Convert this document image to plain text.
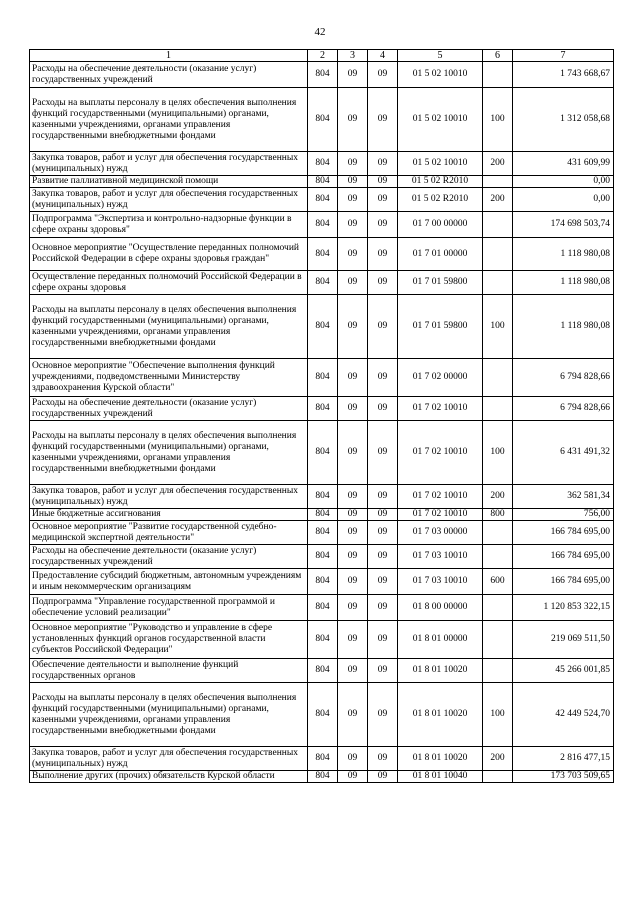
42
1	2	3	4	5	6	7
Расходы на обеспечение деятельности (оказание услуг) государственных учреждений	804	09	09	01 5 02 10010		1 743 668,67
Расходы на выплаты персоналу в целях обеспечения выполнения функций государственными (муниципальными) органами, казенными учреждениями, органами управления государственными внебюджетными фондами	804	09	09	01 5 02 10010	100	1 312 058,68
Закупка товаров, работ и услуг для обеспечения государственных (муниципальных) нужд	804	09	09	01 5 02 10010	200	431 609,99
Развитие паллиативной медицинской помощи	804	09	09	01 5 02 R2010		0,00
Закупка товаров, работ и услуг для обеспечения государственных (муниципальных) нужд	804	09	09	01 5 02 R2010	200	0,00
Подпрограмма "Экспертиза и контрольно-надзорные функции в сфере охраны здоровья"	804	09	09	01 7 00 00000		174 698 503,74
Основное мероприятие "Осуществление переданных полномочий Российской Федерации в сфере охраны здоровья граждан"	804	09	09	01 7 01 00000		1 118 980,08
Осуществление переданных полномочий Российской Федерации в сфере охраны здоровья	804	09	09	01 7 01 59800		1 118 980,08
Расходы на выплаты персоналу в целях обеспечения выполнения функций государственными (муниципальными) органами, казенными учреждениями, органами управления государственными внебюджетными фондами	804	09	09	01 7 01 59800	100	1 118 980,08
Основное мероприятие "Обеспечение выполнения функций учреждениями, подведомственными Министерству здравоохранения Курской области"	804	09	09	01 7 02 00000		6 794 828,66
Расходы на обеспечение деятельности (оказание услуг) государственных учреждений	804	09	09	01 7 02 10010		6 794 828,66
Расходы на выплаты персоналу в целях обеспечения выполнения функций государственными (муниципальными) органами, казенными учреждениями, органами управления государственными внебюджетными фондами	804	09	09	01 7 02 10010	100	6 431 491,32
Закупка товаров, работ и услуг для обеспечения государственных (муниципальных) нужд	804	09	09	01 7 02 10010	200	362 581,34
Иные бюджетные ассигнования	804	09	09	01 7 02 10010	800	756,00
Основное мероприятие "Развитие государственной судебно-медицинской экспертной деятельности"	804	09	09	01 7 03 00000		166 784 695,00
Расходы на обеспечение деятельности (оказание услуг) государственных учреждений	804	09	09	01 7 03 10010		166 784 695,00
Предоставление субсидий бюджетным, автономным учреждениям и иным некоммерческим организациям	804	09	09	01 7 03 10010	600	166 784 695,00
Подпрограмма "Управление государственной программой и обеспечение условий реализации"	804	09	09	01 8 00 00000		1 120 853 322,15
Основное мероприятие "Руководство и управление в сфере установленных функций органов государственной власти субъектов Российской Федерации"	804	09	09	01 8 01 00000		219 069 511,50
Обеспечение деятельности и выполнение функций государственных органов	804	09	09	01 8 01 10020		45 266 001,85
Расходы на выплаты персоналу в целях обеспечения выполнения функций государственными (муниципальными) органами, казенными учреждениями, органами управления государственными внебюджетными фондами	804	09	09	01 8 01 10020	100	42 449 524,70
Закупка товаров, работ и услуг для обеспечения государственных (муниципальных) нужд	804	09	09	01 8 01 10020	200	2 816 477,15
Выполнение других (прочих) обязательств Курской области	804	09	09	01 8 01 10040		173 703 509,65
